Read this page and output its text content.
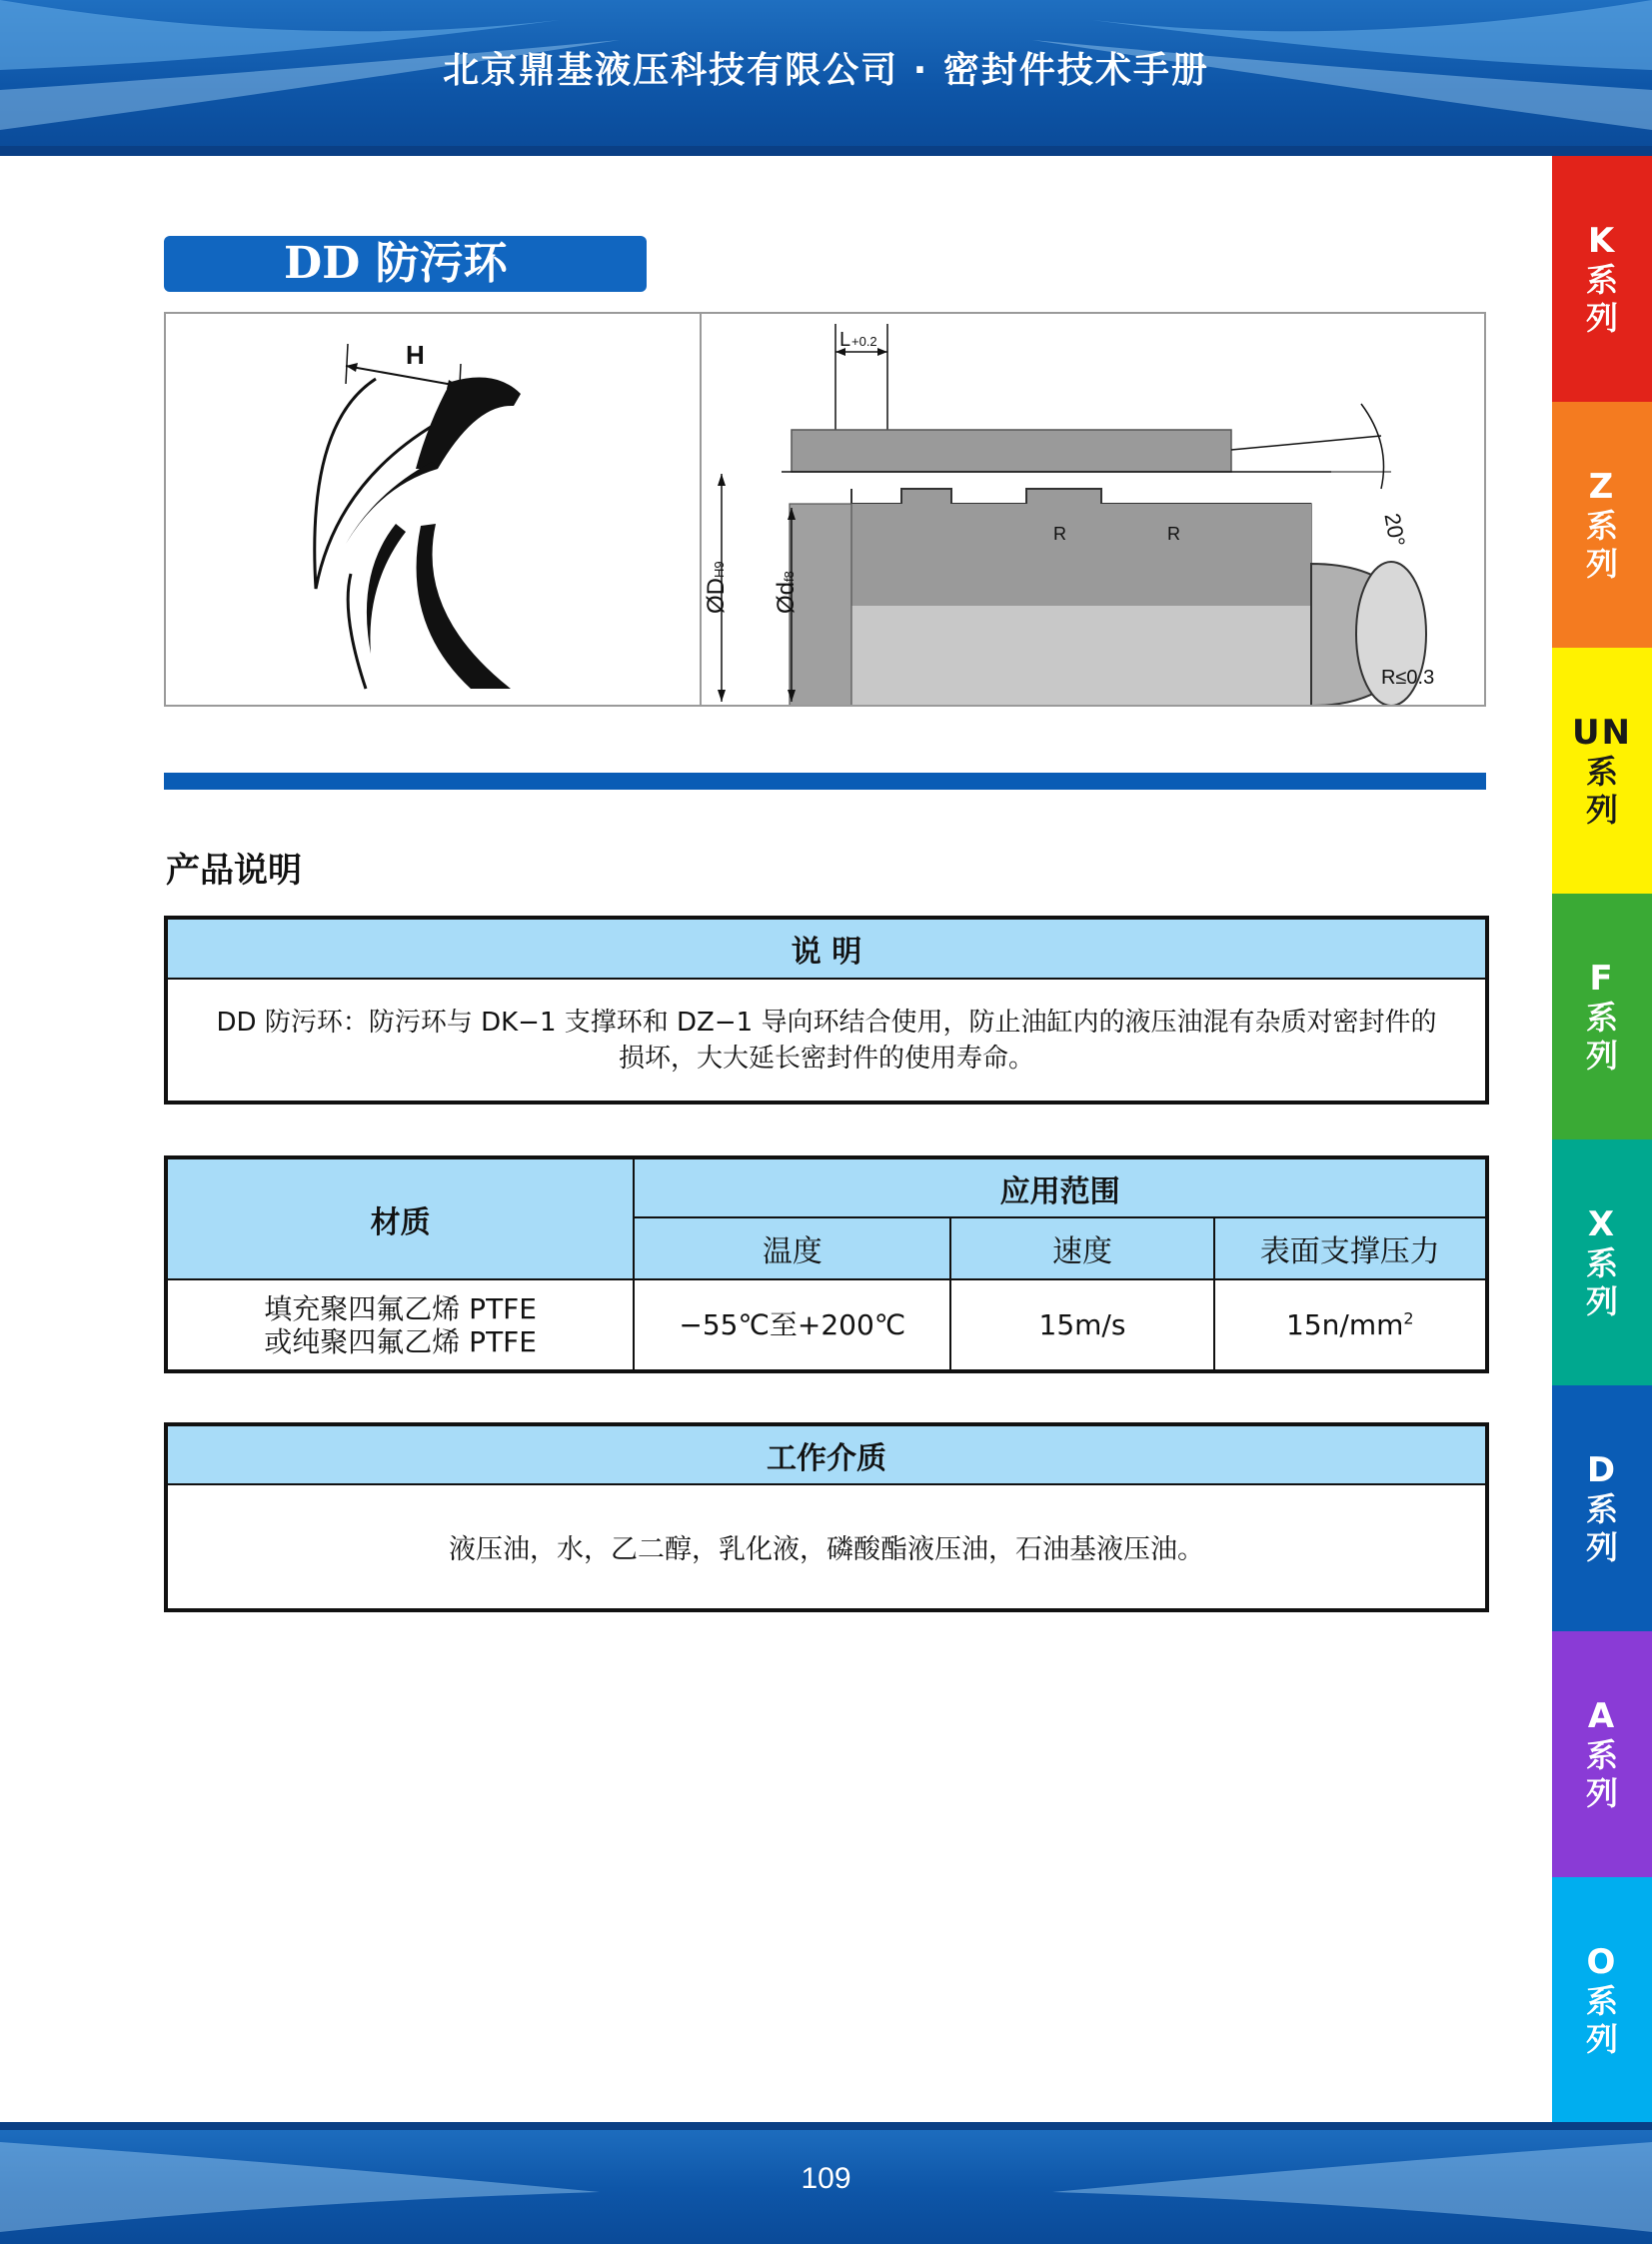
北京鼎基液压科技有限公司 · 密封件技术手册
K
系
列
Z
系
列
UN
系
列
F
系
列
X
系
列
D
系
列
A
系
列
O
系
列
DD 防污环
H	L +0.2
20°
ØDH9
Ødf8
R	R
R≤0.3
产品说明
说 明

DD 防污环：防污环与 DK−1 支撑环和 DZ−1 导向环结合使用，防止油缸内的液压油混有杂质对密封件的
损坏，大大延长密封件的使用寿命。
材质	应用范围		
	温度	速度	表面支撑压力

填充聚四氟乙烯 PTFE
或纯聚四氟乙烯 PTFE	−55℃至+200℃	15m/s	$15n/mm^2$
工作介质
液压油，水，乙二醇，乳化液，磷酸酯液压油，石油基液压油。
109
